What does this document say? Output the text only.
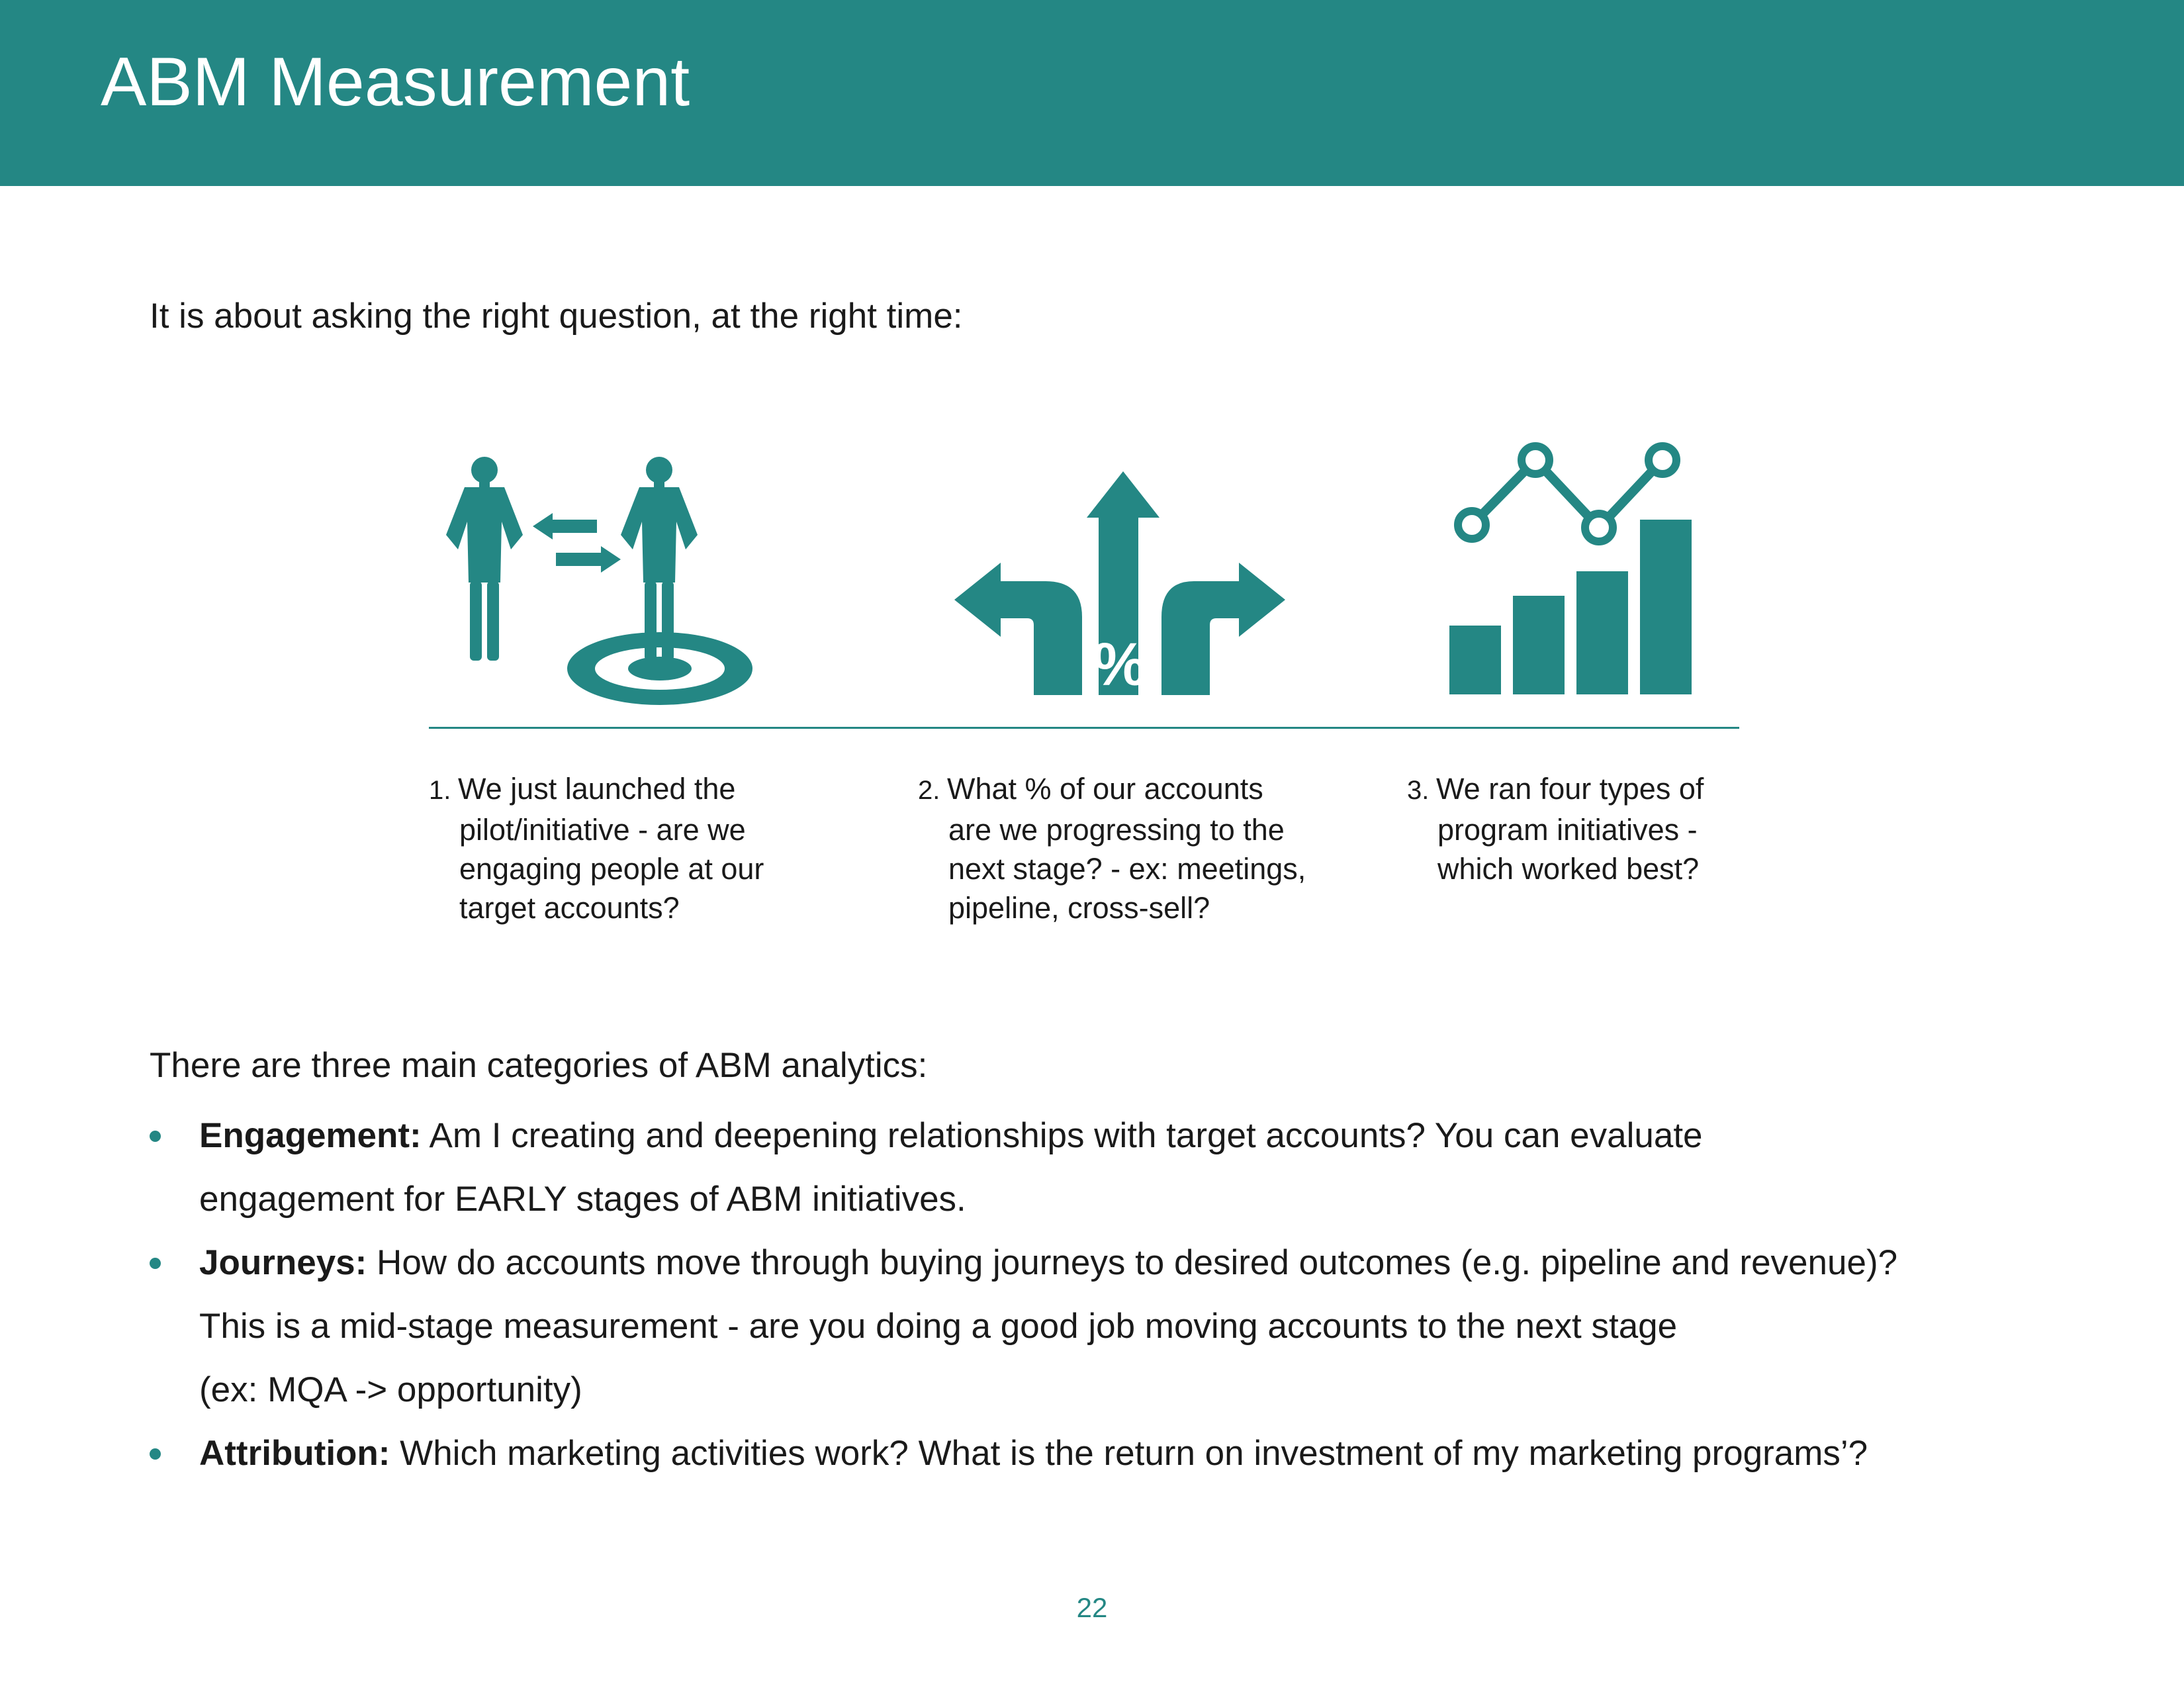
ABM Measurement

It is about asking the right question, at the right time:

%

1. We just launched the
pilot/initiative - are we
engaging people at our
target accounts?

2. What % of our accounts
are we progressing to the
next stage? - ex: meetings,
pipeline, cross-sell?

3. We ran four types of
program initiatives -
which worked best?

There are three main categories of ABM analytics:

Engagement: Am I creating and deepening relationships with target accounts? You can evaluate
engagement for EARLY stages of ABM initiatives.
Journeys: How do accounts move through buying journeys to desired outcomes (e.g. pipeline and revenue)?
This is a mid-stage measurement - are you doing a good job moving accounts to the next stage
(ex: MQA -> opportunity)
Attribution: Which marketing activities work? What is the return on investment of my marketing programs’?

22
